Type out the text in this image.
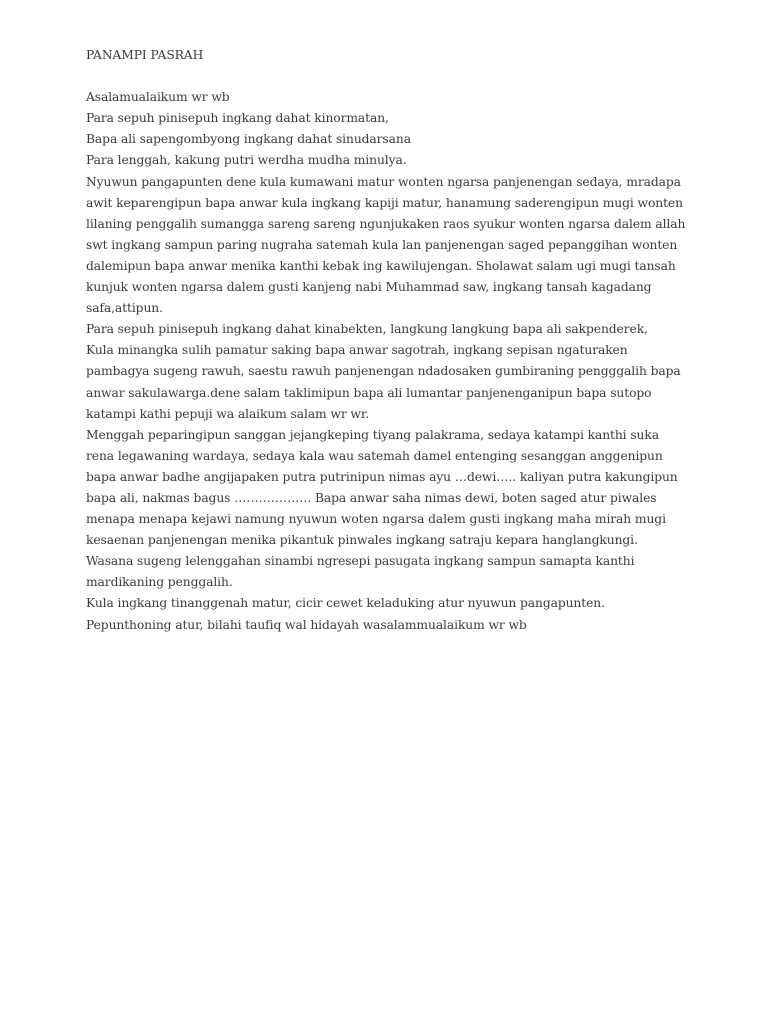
PANAMPI PASRAH

Asalamualaikum wr wb

Para sepuh pinisepuh ingkang dahat kinormatan,

Bapa ali sapengombyong ingkang dahat sinudarsana

Para lenggah, kakung putri werdha mudha minulya.

Nyuwun pangapunten dene kula kumawani matur wonten ngarsa panjenengan sedaya, mradapa awit keparengipun bapa anwar kula ingkang kapiji matur, hanamung saderengipun mugi wonten lilaning penggalih sumangga sareng sareng ngunjukaken raos syukur wonten ngarsa dalem allah swt ingkang sampun paring nugraha satemah kula lan panjenengan saged pepanggihan wonten dalemipun bapa anwar menika kanthi kebak ing kawilujengan. Sholawat salam ugi mugi tansah kunjuk wonten ngarsa dalem gusti kanjeng nabi Muhammad saw, ingkang tansah kagadang safa,attipun.

Para sepuh pinisepuh ingkang dahat kinabekten, langkung langkung bapa ali sakpenderek,

Kula minangka sulih pamatur saking bapa anwar sagotrah, ingkang sepisan ngaturaken pambagya sugeng rawuh, saestu rawuh panjenengan ndadosaken gumbiraning pengggalih bapa anwar sakulawarga.dene salam taklimipun bapa ali lumantar panjenenganipun bapa sutopo katampi kathi pepuji wa alaikum salam wr wr.

Menggah peparingipun sanggan jejangkeping tiyang palakrama, sedaya katampi kanthi suka rena legawaning wardaya, sedaya kala wau satemah damel entenging sesanggan anggenipun bapa anwar badhe angijapaken putra putrinipun nimas ayu …dewi….. kaliyan putra kakungipun bapa ali, nakmas bagus ………………. Bapa anwar saha nimas dewi, boten saged atur piwales menapa menapa kejawi namung nyuwun woten ngarsa dalem gusti ingkang maha mirah mugi kesaenan panjenengan menika pikantuk pinwales ingkang satraju kepara hanglangkungi.

Wasana sugeng lelenggahan sinambi ngresepi pasugata ingkang sampun samapta kanthi mardikaning penggalih.

Kula ingkang tinanggenah matur, cicir cewet keladuking atur nyuwun pangapunten.

Pepunthoning atur, bilahi taufiq wal hidayah wasalammualaikum wr wb
